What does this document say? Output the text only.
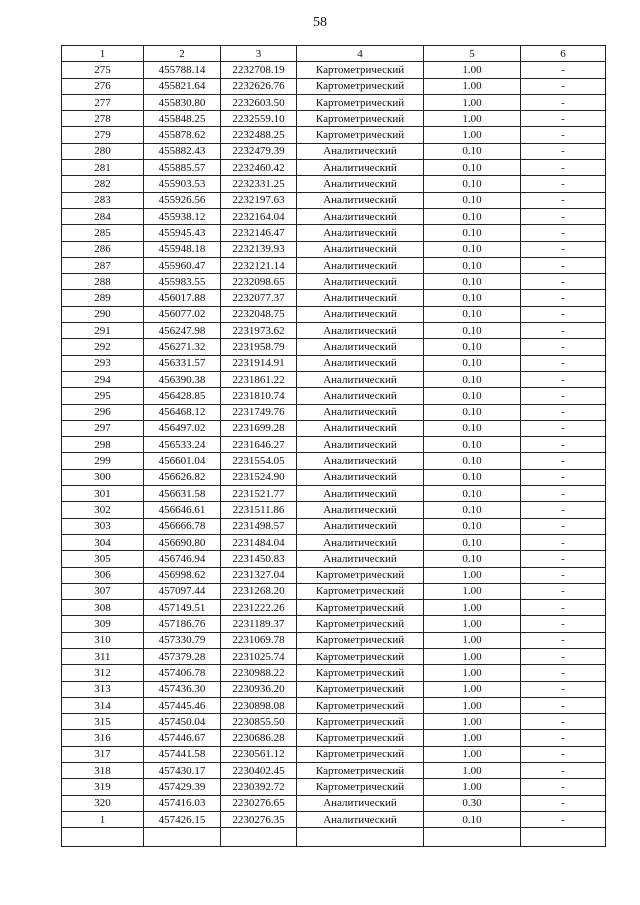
58
1	2	3	4	5	6
275	455788.14	2232708.19	Картометрический	1.00	-
276	455821.64	2232626.76	Картометрический	1.00	-
277	455830.80	2232603.50	Картометрический	1.00	-
278	455848.25	2232559.10	Картометрический	1.00	-
279	455878.62	2232488.25	Картометрический	1.00	-
280	455882.43	2232479.39	Аналитический	0.10	-
281	455885.57	2232460.42	Аналитический	0.10	-
282	455903.53	2232331.25	Аналитический	0.10	-
283	455926.56	2232197.63	Аналитический	0.10	-
284	455938.12	2232164.04	Аналитический	0.10	-
285	455945.43	2232146.47	Аналитический	0.10	-
286	455948.18	2232139.93	Аналитический	0.10	-
287	455960.47	2232121.14	Аналитический	0.10	-
288	455983.55	2232098.65	Аналитический	0.10	-
289	456017.88	2232077.37	Аналитический	0.10	-
290	456077.02	2232048.75	Аналитический	0.10	-
291	456247.98	2231973.62	Аналитический	0.10	-
292	456271.32	2231958.79	Аналитический	0.10	-
293	456331.57	2231914.91	Аналитический	0.10	-
294	456390.38	2231861.22	Аналитический	0.10	-
295	456428.85	2231810.74	Аналитический	0.10	-
296	456468.12	2231749.76	Аналитический	0.10	-
297	456497.02	2231699.28	Аналитический	0.10	-
298	456533.24	2231646.27	Аналитический	0.10	-
299	456601.04	2231554.05	Аналитический	0.10	-
300	456626.82	2231524.90	Аналитический	0.10	-
301	456631.58	2231521.77	Аналитический	0.10	-
302	456646.61	2231511.86	Аналитический	0.10	-
303	456666.78	2231498.57	Аналитический	0.10	-
304	456690.80	2231484.04	Аналитический	0.10	-
305	456746.94	2231450.83	Аналитический	0.10	-
306	456998.62	2231327.04	Картометрический	1.00	-
307	457097.44	2231268.20	Картометрический	1.00	-
308	457149.51	2231222.26	Картометрический	1.00	-
309	457186.76	2231189.37	Картометрический	1.00	-
310	457330.79	2231069.78	Картометрический	1.00	-
311	457379.28	2231025.74	Картометрический	1.00	-
312	457406.78	2230988.22	Картометрический	1.00	-
313	457436.30	2230936.20	Картометрический	1.00	-
314	457445.46	2230898.08	Картометрический	1.00	-
315	457450.04	2230855.50	Картометрический	1.00	-
316	457446.67	2230686.28	Картометрический	1.00	-
317	457441.58	2230561.12	Картометрический	1.00	-
318	457430.17	2230402.45	Картометрический	1.00	-
319	457429.39	2230392.72	Картометрический	1.00	-
320	457416.03	2230276.65	Аналитический	0.30	-
1	457426.15	2230276.35	Аналитический	0.10	-
